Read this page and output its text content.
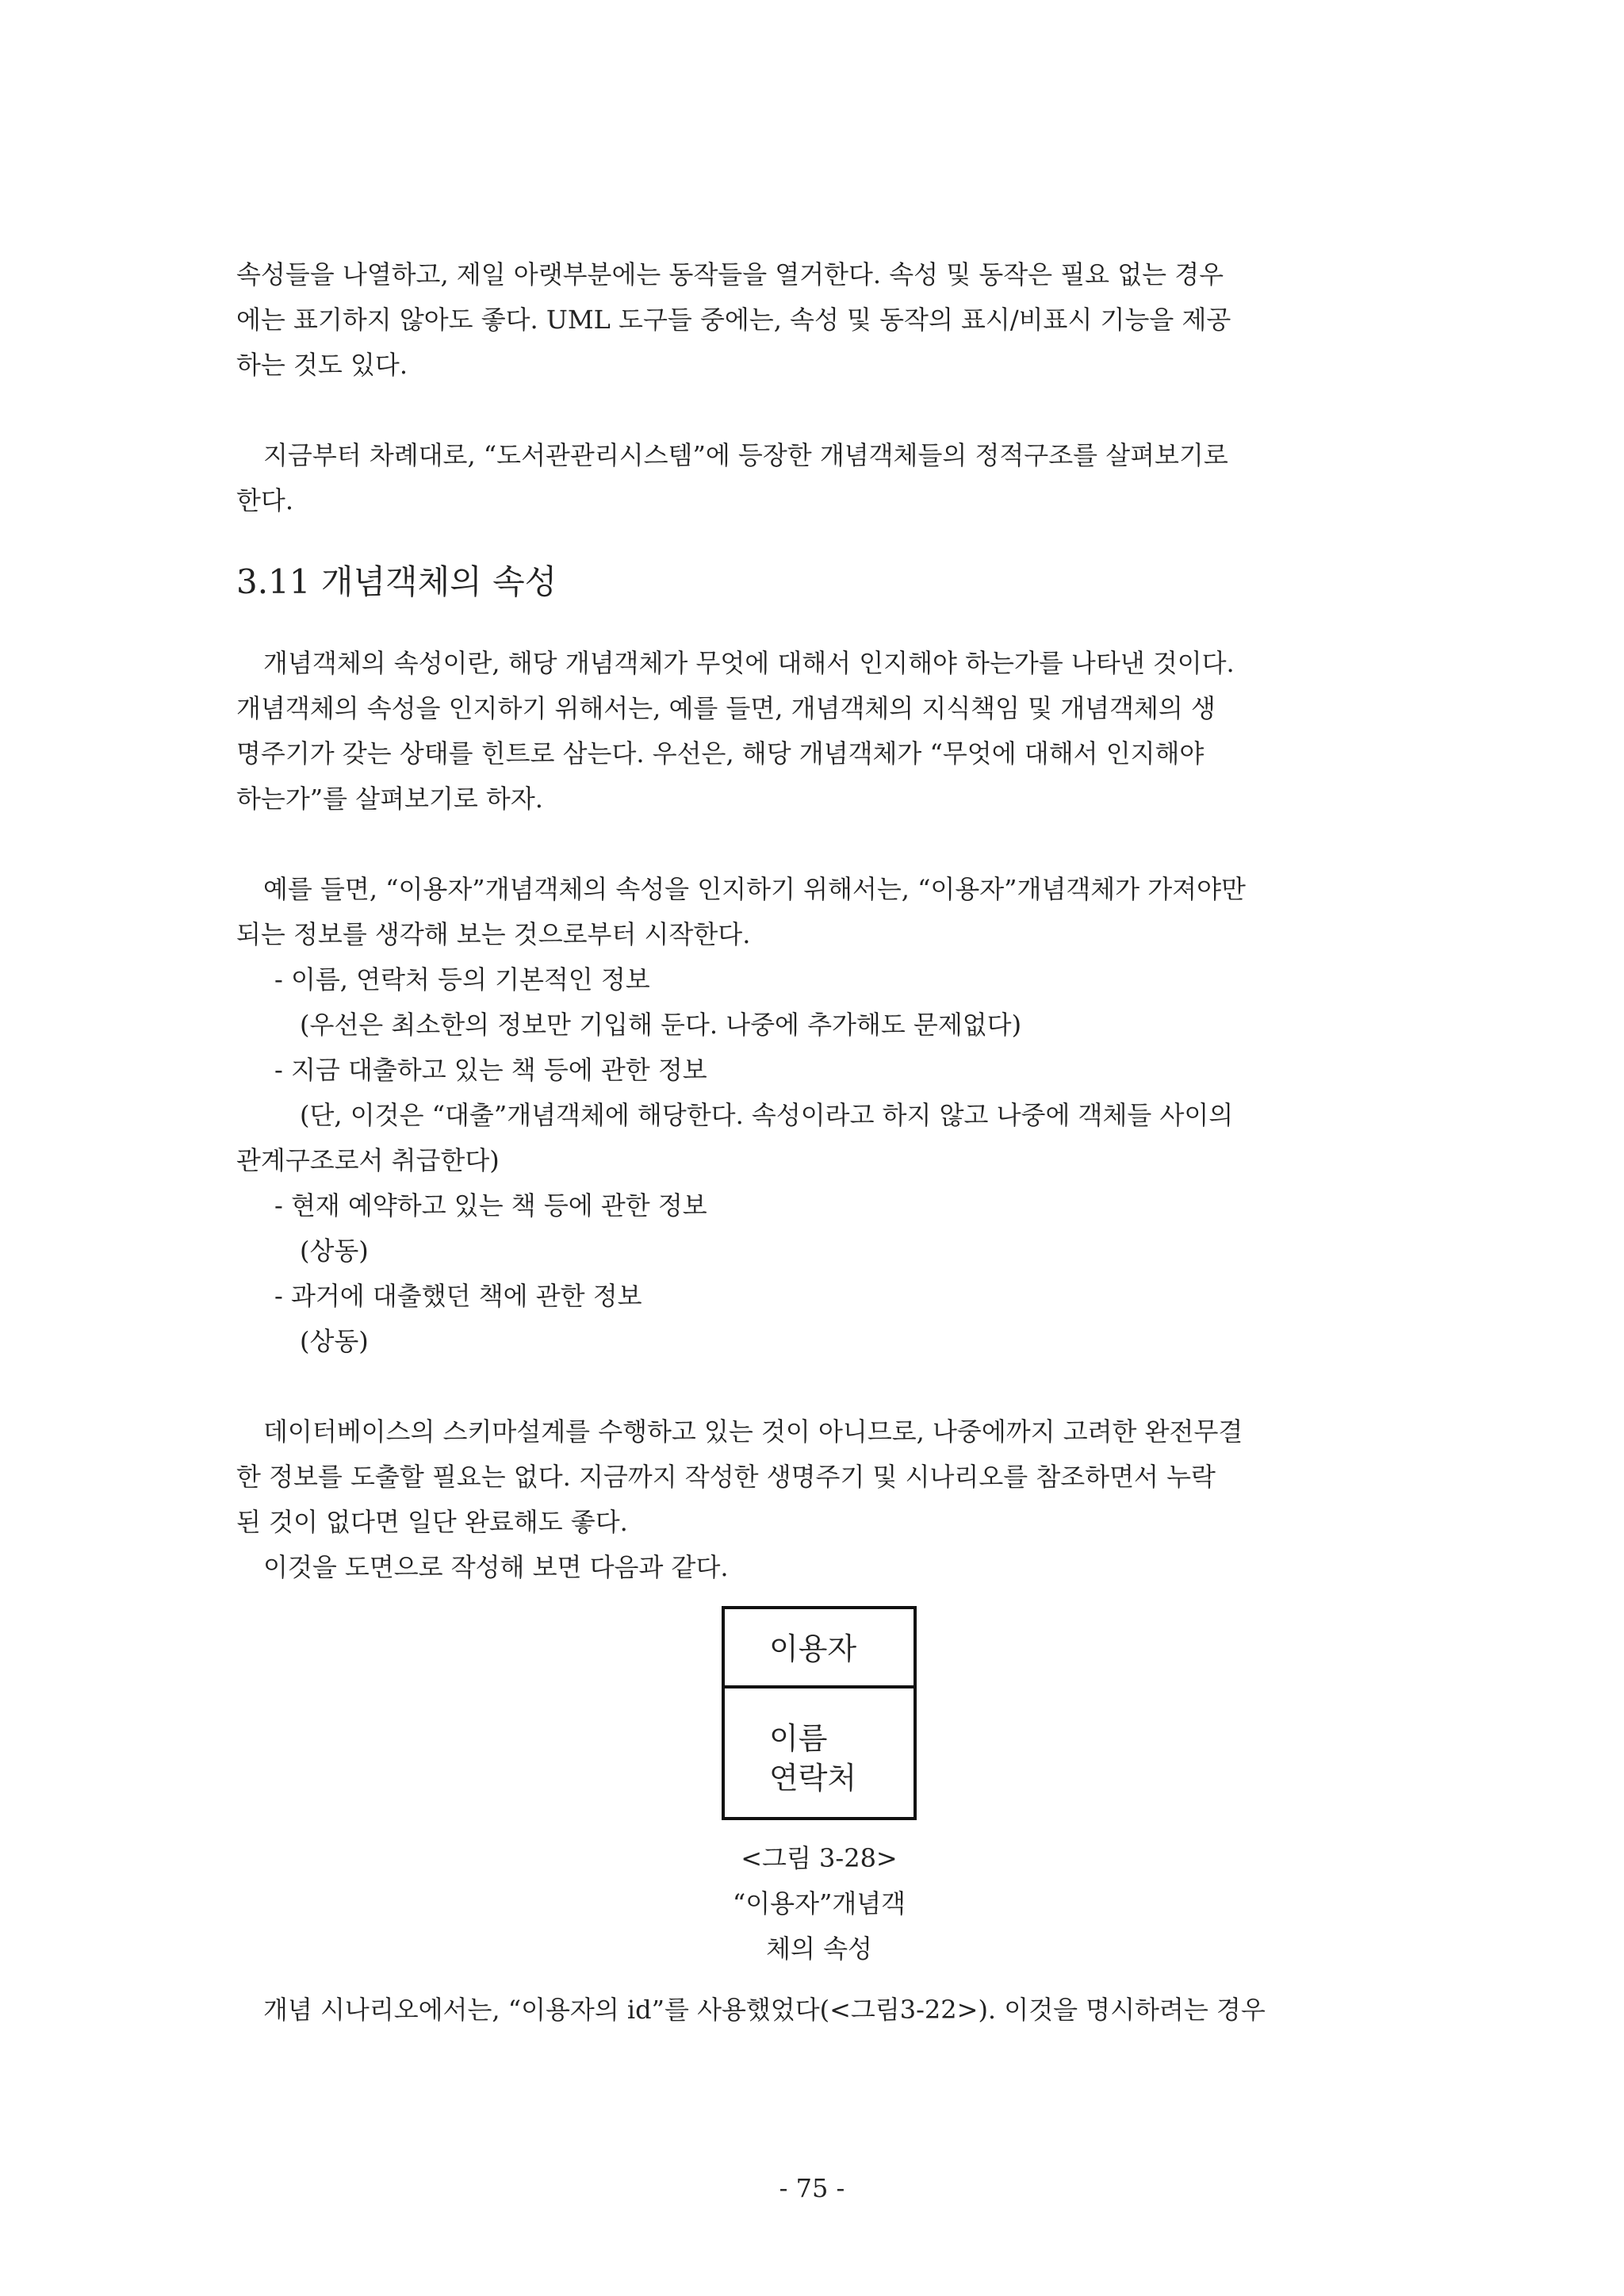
속성들을 나열하고, 제일 아랫부분에는 동작들을 열거한다. 속성 및 동작은 필요 없는 경우
에는 표기하지 않아도 좋다. UML 도구들 중에는, 속성 및 동작의 표시/비표시 기능을 제공
하는 것도 있다.

지금부터 차례대로, “도서관관리시스템”에 등장한 개념객체들의 정적구조를 살펴보기로
한다.

3.11 개념객체의 속성

개념객체의 속성이란, 해당 개념객체가 무엇에 대해서 인지해야 하는가를 나타낸 것이다.
개념객체의 속성을 인지하기 위해서는, 예를 들면, 개념객체의 지식책임 및 개념객체의 생
명주기가 갖는 상태를 힌트로 삼는다. 우선은, 해당 개념객체가 “무엇에 대해서 인지해야
하는가”를 살펴보기로 하자.

예를 들면, “이용자”개념객체의 속성을 인지하기 위해서는, “이용자”개념객체가 가져야만
되는 정보를 생각해 보는 것으로부터 시작한다.

- 이름, 연락처 등의 기본적인 정보
(우선은 최소한의 정보만 기입해 둔다. 나중에 추가해도 문제없다)
- 지금 대출하고 있는 책 등에 관한 정보
(단, 이것은 “대출”개념객체에 해당한다. 속성이라고 하지 않고 나중에 객체들 사이의
관계구조로서 취급한다)
- 현재 예약하고 있는 책 등에 관한 정보
(상동)
- 과거에 대출했던 책에 관한 정보
(상동)

데이터베이스의 스키마설계를 수행하고 있는 것이 아니므로, 나중에까지 고려한 완전무결
한 정보를 도출할 필요는 없다. 지금까지 작성한 생명주기 및 시나리오를 참조하면서 누락
된 것이 없다면 일단 완료해도 좋다.
이것을 도면으로 작성해 보면 다음과 같다.

이용자
이름
연락처
<그림 3-28>
“이용자”개념객
체의 속성

개념 시나리오에서는, “이용자의 id”를 사용했었다(<그림3-22>). 이것을 명시하려는 경우

- 75 -
